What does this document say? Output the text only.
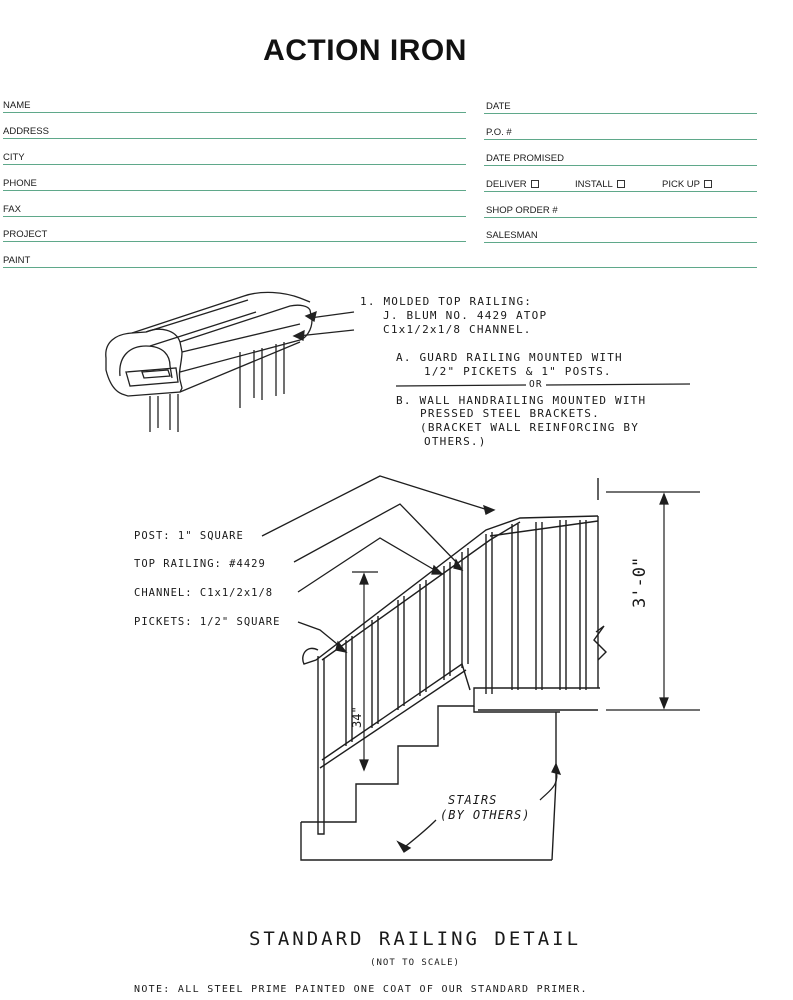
ACTION IRON
NAME
ADDRESS
CITY
PHONE
FAX
PROJECT
PAINT
DATE
P.O. #
DATE PROMISED
DELIVER	INSTALL	PICK UP
SHOP ORDER #
SALESMAN
1. MOLDED TOP RAILING:
J. BLUM NO. 4429 ATOP
C1x1/2x1/8 CHANNEL.
A. GUARD RAILING MOUNTED WITH
1/2" PICKETS & 1" POSTS.
OR
B. WALL HANDRAILING MOUNTED WITH
PRESSED STEEL BRACKETS.
(BRACKET WALL REINFORCING BY
OTHERS.)
POST: 1" SQUARE
TOP RAILING: #4429
CHANNEL: C1x1/2x1/8
PICKETS: 1/2" SQUARE
3'-0"
34"
STAIRS
(BY OTHERS)
STANDARD RAILING DETAIL
(NOT TO SCALE)
NOTE: ALL STEEL PRIME PAINTED ONE COAT OF OUR STANDARD PRIMER.
